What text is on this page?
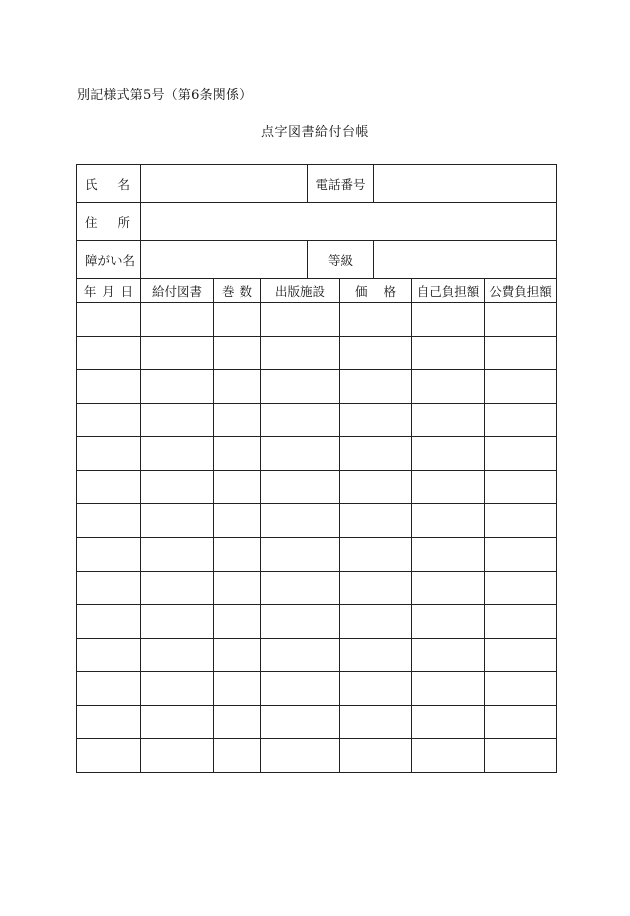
別記様式第5号（第6条関係）
点字図書給付台帳
氏 名	電話番号
住 所
障がい名	等級
年 月 日	給付図書	巻 数	出版施設	価 格	自己負担額 公費負担額
